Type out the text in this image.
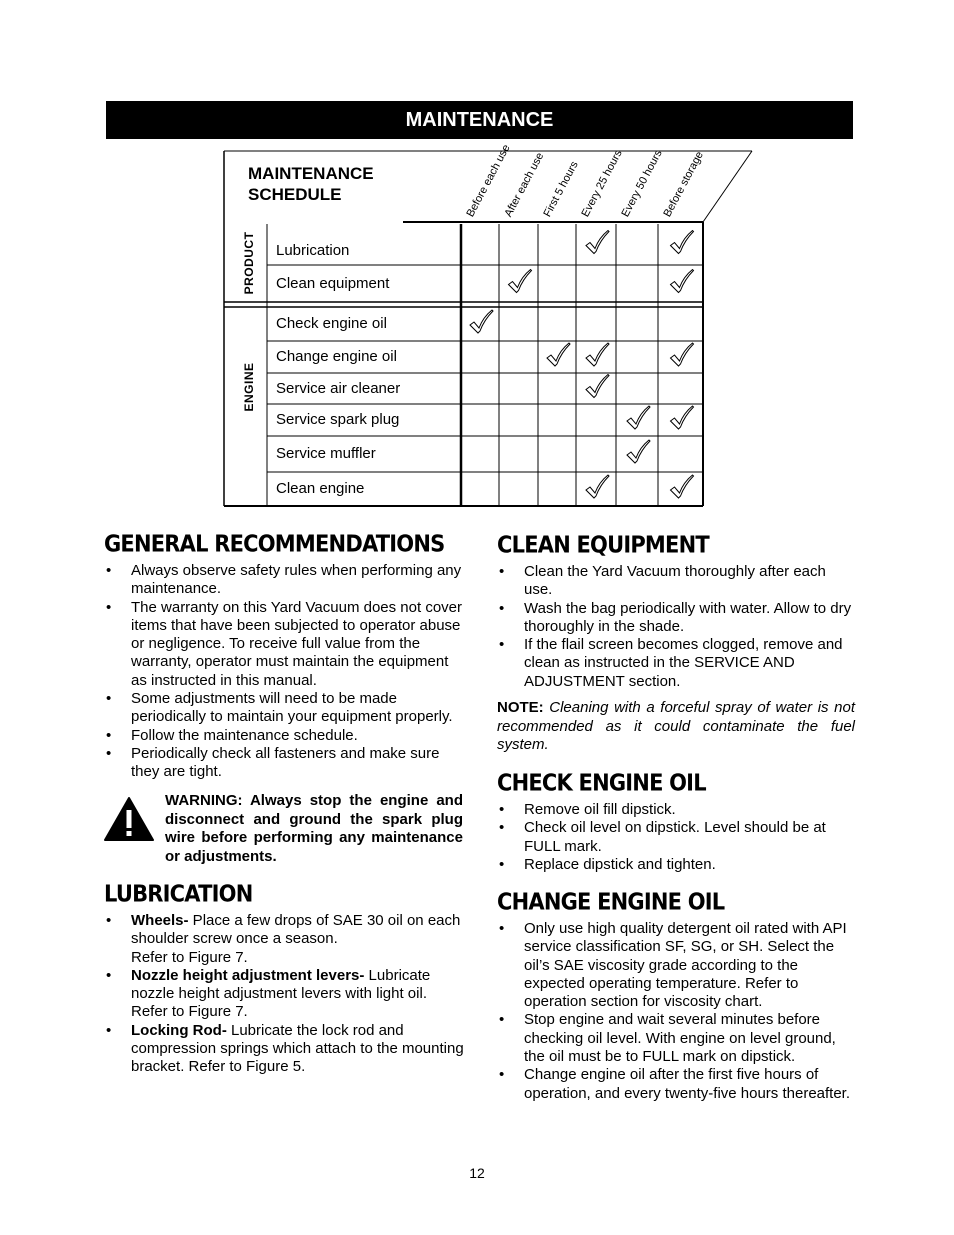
MAINTENANCE
MAINTENANCE
SCHEDULE	Before each use
After each use
First 5 hours
Every 25 hours
Every 50 hours
Before storage
PRODUCT
ENGINE
Lubrication
Clean equipment
Check engine oil
Change engine oil
Service air cleaner
Service spark plug
Service muffler
Clean engine
GENERAL RECOMMENDATIONS
• Always observe safety rules when performing any maintenance.
• The warranty on this Yard Vacuum does not cover items that have been subjected to operator abuse or negligence. To receive full value from the warranty, operator must maintain the equipment as instructed in this manual.
• Some adjustments will need to be made periodically to maintain your equipment properly.
• Follow the maintenance schedule.
• Periodically check all fasteners and make sure they are tight.
WARNING: Always stop the engine and disconnect and ground the spark plug wire before performing any maintenance or adjustments.
LUBRICATION
• Wheels- Place a few drops of SAE 30 oil on each shoulder screw once a season.
Refer to Figure 7.
• Nozzle height adjustment levers- Lubricate nozzle height adjustment levers with light oil.
Refer to Figure 7.
• Locking Rod- Lubricate the lock rod and compression springs which attach to the mounting bracket. Refer to Figure 5.
CLEAN EQUIPMENT
• Clean the Yard Vacuum thoroughly after each use.
• Wash the bag periodically with water. Allow to dry thoroughly in the shade.
• If the flail screen becomes clogged, remove and clean as instructed in the SERVICE AND ADJUSTMENT section.

NOTE: Cleaning with a forceful spray of water is not recommended as it could contaminate the fuel system.

CHECK ENGINE OIL
• Remove oil fill dipstick.
• Check oil level on dipstick. Level should be at FULL mark.
• Replace dipstick and tighten.
CHANGE ENGINE OIL
• Only use high quality detergent oil rated with API service classification SF, SG, or SH. Select the oil’s SAE viscosity grade according to the expected operating temperature. Refer to operation section for viscosity chart.
• Stop engine and wait several minutes before checking oil level. With engine on level ground, the oil must be to FULL mark on dipstick.
• Change engine oil after the first five hours of operation, and every twenty-five hours thereafter.
12
